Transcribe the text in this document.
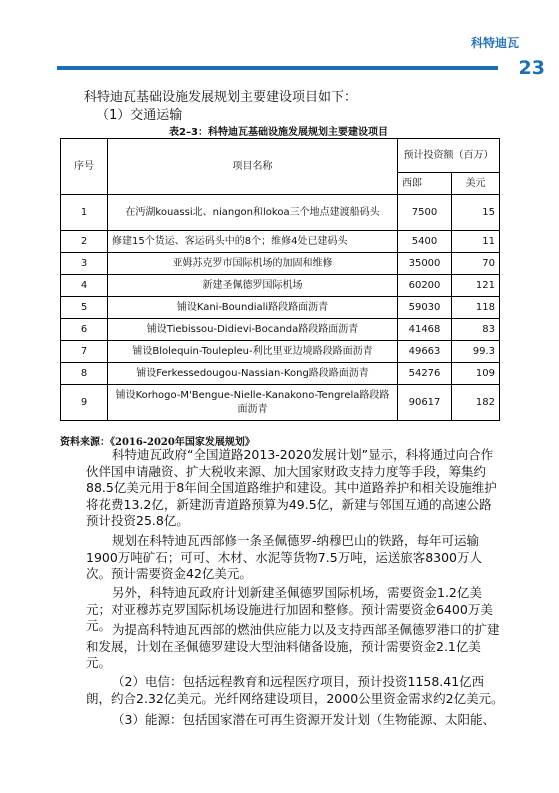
科特迪瓦
23
科特迪瓦基础设施发展规划主要建设项目如下：
（1）交通运输
表2–3：科特迪瓦基础设施发展规划主要建设项目
序号	项目名称	预计投资额（百万）	
		西郎	美元
1	在沔湖kouassi北、niangon和lokoa三个地点建渡船码头	7500	15
2	修建15个货运、客运码头中的8个；维修4处已建码头	5400	11
3	亚姆苏克罗市国际机场的加固和维修	35000	70
4	新建圣佩德罗国际机场	60200	121
5	铺设Kani-Boundiali路段路面沥青	59030	118
6	铺设Tiebissou-Didievi-Bocanda路段路面沥青	41468	83
7	铺设Blolequin-Toulepleu-利比里亚边境路段路面沥青	49663	99.3
8	铺设Ferkessedougou-Nassian-Kong路段路面沥青	54276	109
9	铺设Korhogo-M'Bengue-Nielle-Kanakono-Tengrela路段路面沥青	90617	182
资料来源：《2016-2020年国家发展规划》

科特迪瓦政府“全国道路2013-2020发展计划”显示，科将通过向合作伙伴国申请融资、扩大税收来源、加大国家财政支持力度等手段，筹集约88.5亿美元用于8年间全国道路维护和建设。其中道路养护和相关设施维护将花费13.2亿，新建沥青道路预算为49.5亿，新建与邻国互通的高速公路预计投资25.8亿。

规划在科特迪瓦西部修一条圣佩德罗-纳穆巴山的铁路，每年可运输1900万吨矿石；可可、木材、水泥等货物7.5万吨，运送旅客8300万人次。预计需要资金42亿美元。

另外，科特迪瓦政府计划新建圣佩德罗国际机场，需要资金1.2亿美元；对亚穆苏克罗国际机场设施进行加固和整修。预计需要资金6400万美元。 为提高科特迪瓦西部的燃油供应能力以及支持西部圣佩德罗港口的扩建和发展，计划在圣佩德罗建设大型油料储备设施，预计需要资金2.1亿美元。

（2）电信：包括远程教育和远程医疗项目，预计投资1158.41亿西朗，约合2.32亿美元。光纤网络建设项目，2000公里资金需求约2亿美元。

（3）能源：包括国家潜在可再生资源开发计划（生物能源、太阳能、
